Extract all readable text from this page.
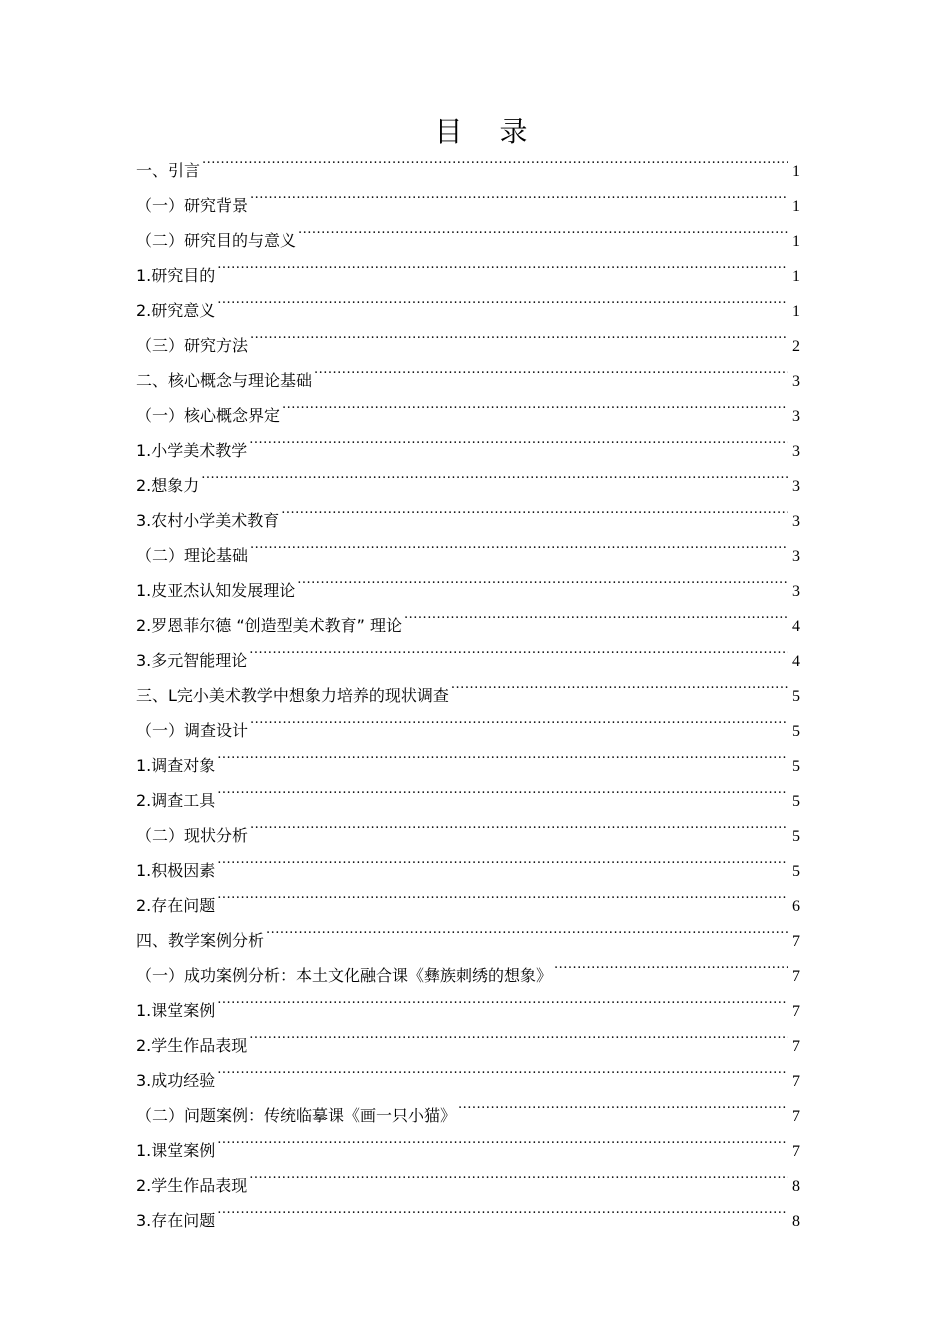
目 录
一、引言 .....	1
（一）研究背景 .....	1
（二）研究目的与意义 .....	1
1.研究目的 .....	1
2.研究意义 .....	1
（三）研究方法 .....	2
二、核心概念与理论基础 .....	3
（一）核心概念界定 .....	3
1.小学美术教学 .....	3
2.想象力 .....	3
3.农村小学美术教育 .....	3
（二）理论基础 .....	3
1.皮亚杰认知发展理论 .....	3
2.罗恩菲尔德 “创造型美术教育” 理论 .....	4
3.多元智能理论 .....	4
三、L完小美术教学中想象力培养的现状调查 .....	5
（一）调查设计 .....	5
1.调查对象 .....	5
2.调查工具 .....	5
（二）现状分析 .....	5
1.积极因素 .....	5
2.存在问题 .....	6
四、教学案例分析 .....	7
（一）成功案例分析：本土文化融合课《彝族刺绣的想象》 .....	7
1.课堂案例 .....	7
2.学生作品表现 .....	7
3.成功经验 .....	7
（二）问题案例：传统临摹课《画一只小猫》 .....	7
1.课堂案例 .....	7
2.学生作品表现 .....	8
3.存在问题 .....	8
